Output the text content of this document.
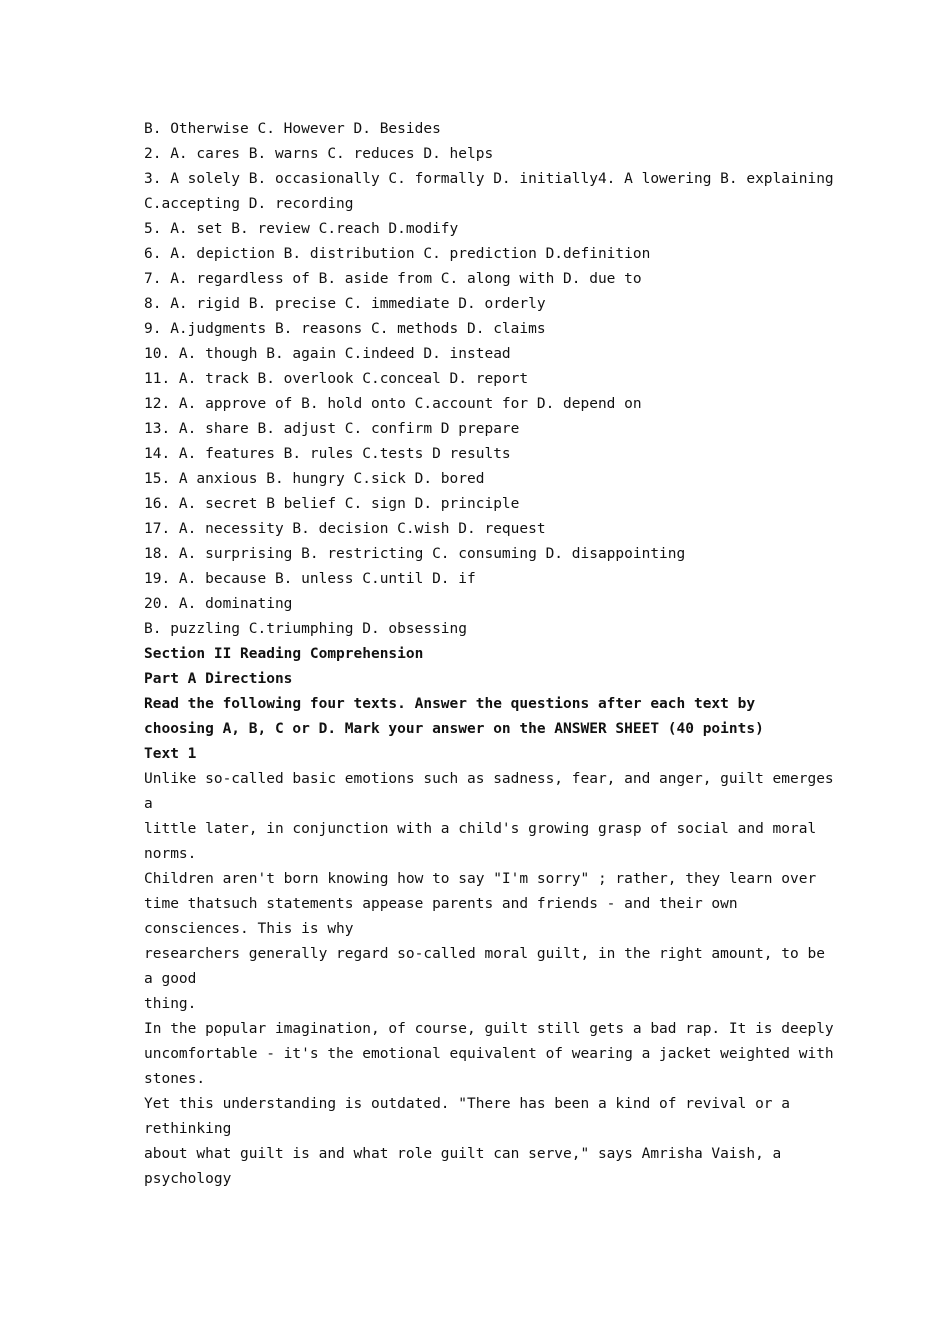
B. Otherwise C. However D. Besides
2. A. cares B. warns C. reduces D. helps
3. A solely B. occasionally C. formally D. initially4. A lowering B. explaining
C.accepting D. recording
5. A. set B. review C.reach D.modify
6. A. depiction B. distribution C. prediction D.definition
7. A. regardless of B. aside from C. along with D. due to
8. A. rigid B. precise C. immediate D. orderly
9. A.judgments B. reasons C. methods D. claims
10. A. though B. again C.indeed D. instead
11. A. track B. overlook C.conceal D. report
12. A. approve of B. hold onto C.account for D. depend on
13. A. share B. adjust C. confirm D prepare
14. A. features B. rules C.tests D results
15. A anxious B. hungry C.sick D. bored
16. A. secret B belief C. sign D. principle
17. A. necessity B. decision C.wish D. request
18. A. surprising B. restricting C. consuming D. disappointing
19. A. because B. unless C.until D. if
20. A. dominating
B. puzzling C.triumphing D. obsessing
Section II Reading Comprehension
Part A Directions
Read the following four texts. Answer the questions after each text by
choosing A, B, C or D. Mark your answer on the ANSWER SHEET (40 points)
Text 1
Unlike so-called basic emotions such as sadness, fear, and anger, guilt emerges
a
little later, in conjunction with a child's growing grasp of social and moral
norms.
Children aren't born knowing how to say "I'm sorry" ; rather, they learn over
time thatsuch statements appease parents and friends - and their own
consciences. This is why
researchers generally regard so-called moral guilt, in the right amount, to be
a good
thing.
In the popular imagination, of course, guilt still gets a bad rap. It is deeply
uncomfortable - it's the emotional equivalent of wearing a jacket weighted with
stones.
Yet this understanding is outdated. "There has been a kind of revival or a
rethinking
about what guilt is and what role guilt can serve," says Amrisha Vaish, a
psychology
